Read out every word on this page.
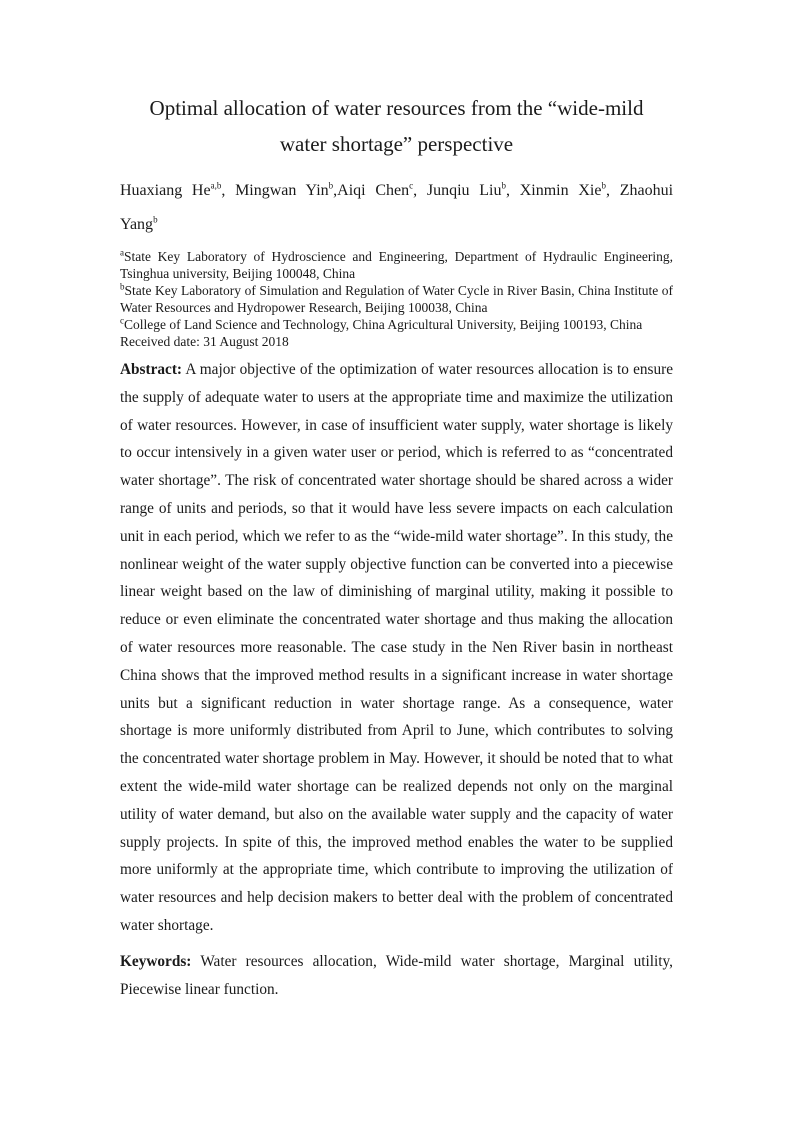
Optimal allocation of water resources from the “wide-mild water shortage” perspective

Huaxiang He$^{a,b}$, Mingwan Yin$^b$,Aiqi Chen$^c$, Junqiu Liu$^b$, Xinmin Xie$^b$, Zhaohui Yang$^b$

$^a$State Key Laboratory of Hydroscience and Engineering, Department of Hydraulic Engineering, Tsinghua university, Beijing 100048, China

$^b$State Key Laboratory of Simulation and Regulation of Water Cycle in River Basin, China Institute of Water Resources and Hydropower Research, Beijing 100038, China

$^c$College of Land Science and Technology, China Agricultural University, Beijing 100193, China

Received date: 31 August 2018

Abstract: A major objective of the optimization of water resources allocation is to ensure the supply of adequate water to users at the appropriate time and maximize the utilization of water resources. However, in case of insufficient water supply, water shortage is likely to occur intensively in a given water user or period, which is referred to as “concentrated water shortage”. The risk of concentrated water shortage should be shared across a wider range of units and periods, so that it would have less severe impacts on each calculation unit in each period, which we refer to as the “wide-mild water shortage”. In this study, the nonlinear weight of the water supply objective function can be converted into a piecewise linear weight based on the law of diminishing of marginal utility, making it possible to reduce or even eliminate the concentrated water shortage and thus making the allocation of water resources more reasonable. The case study in the Nen River basin in northeast China shows that the improved method results in a significant increase in water shortage units but a significant reduction in water shortage range. As a consequence, water shortage is more uniformly distributed from April to June, which contributes to solving the concentrated water shortage problem in May. However, it should be noted that to what extent the wide-mild water shortage can be realized depends not only on the marginal utility of water demand, but also on the available water supply and the capacity of water supply projects. In spite of this, the improved method enables the water to be supplied more uniformly at the appropriate time, which contribute to improving the utilization of water resources and help decision makers to better deal with the problem of concentrated water shortage.

Keywords: Water resources allocation, Wide-mild water shortage, Marginal utility, Piecewise linear function.
